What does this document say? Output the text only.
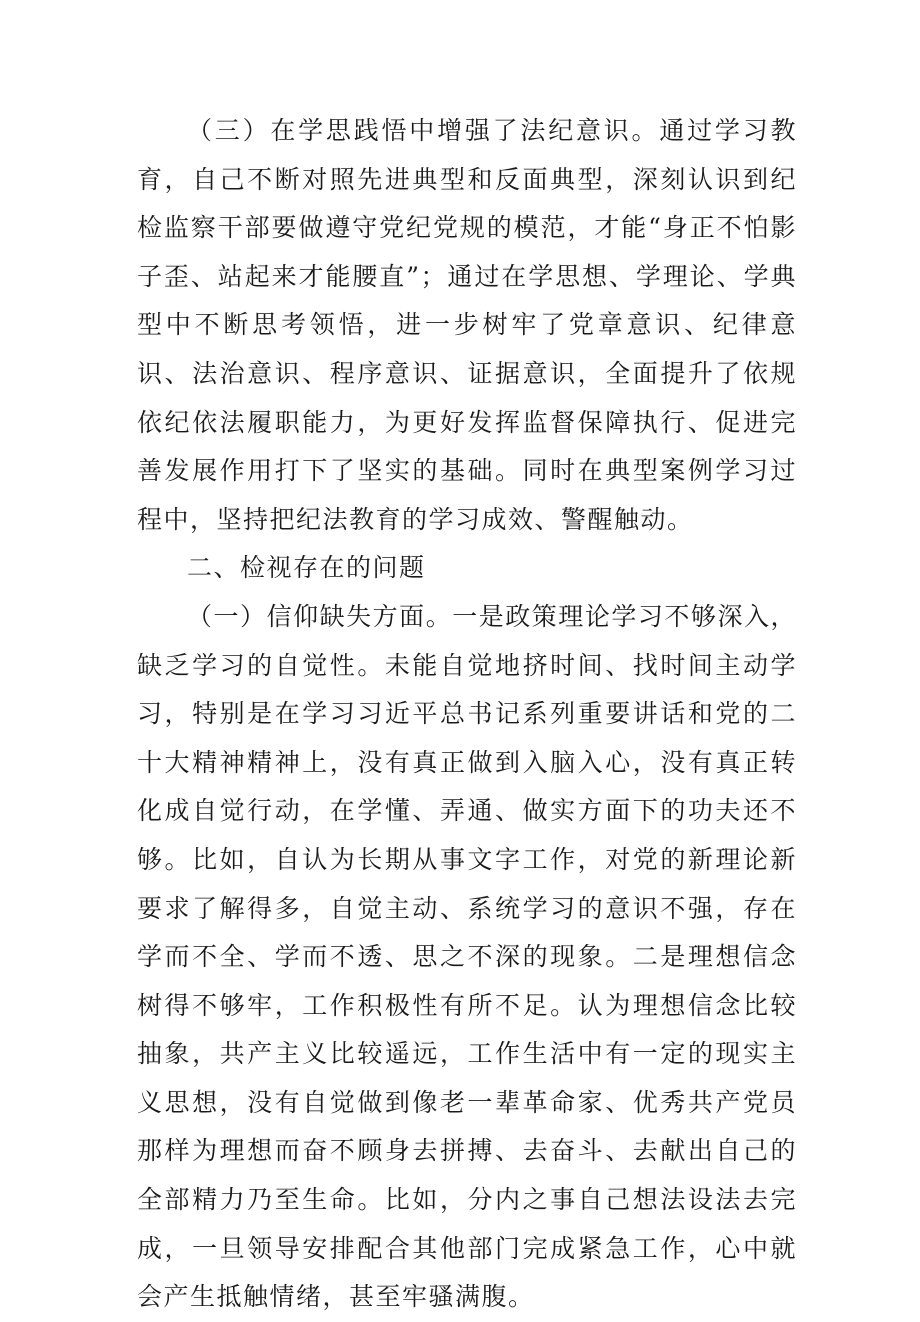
（三）在学思践悟中增强了法纪意识。通过学习教育，自己不断对照先进典型和反面典型，深刻认识到纪检监察干部要做遵守党纪党规的模范，才能“身正不怕影子歪、站起来才能腰直”；通过在学思想、学理论、学典型中不断思考领悟，进一步树牢了党章意识、纪律意识、法治意识、程序意识、证据意识，全面提升了依规依纪依法履职能力，为更好发挥监督保障执行、促进完善发展作用打下了坚实的基础。同时在典型案例学习过程中，坚持把纪法教育的学习成效、警醒触动。

二、检视存在的问题

（一）信仰缺失方面。一是政策理论学习不够深入，缺乏学习的自觉性。未能自觉地挤时间、找时间主动学习，特别是在学习习近平总书记系列重要讲话和党的二十大精神精神上，没有真正做到入脑入心，没有真正转化成自觉行动，在学懂、弄通、做实方面下的功夫还不够。比如，自认为长期从事文字工作，对党的新理论新要求了解得多，自觉主动、系统学习的意识不强，存在学而不全、学而不透、思之不深的现象。二是理想信念树得不够牢，工作积极性有所不足。认为理想信念比较抽象，共产主义比较遥远，工作生活中有一定的现实主义思想，没有自觉做到像老一辈革命家、优秀共产党员那样为理想而奋不顾身去拼搏、去奋斗、去献出自己的全部精力乃至生命。比如，分内之事自己想法设法去完成，一旦领导安排配合其他部门完成紧急工作，心中就会产生抵触情绪，甚至牢骚满腹。
